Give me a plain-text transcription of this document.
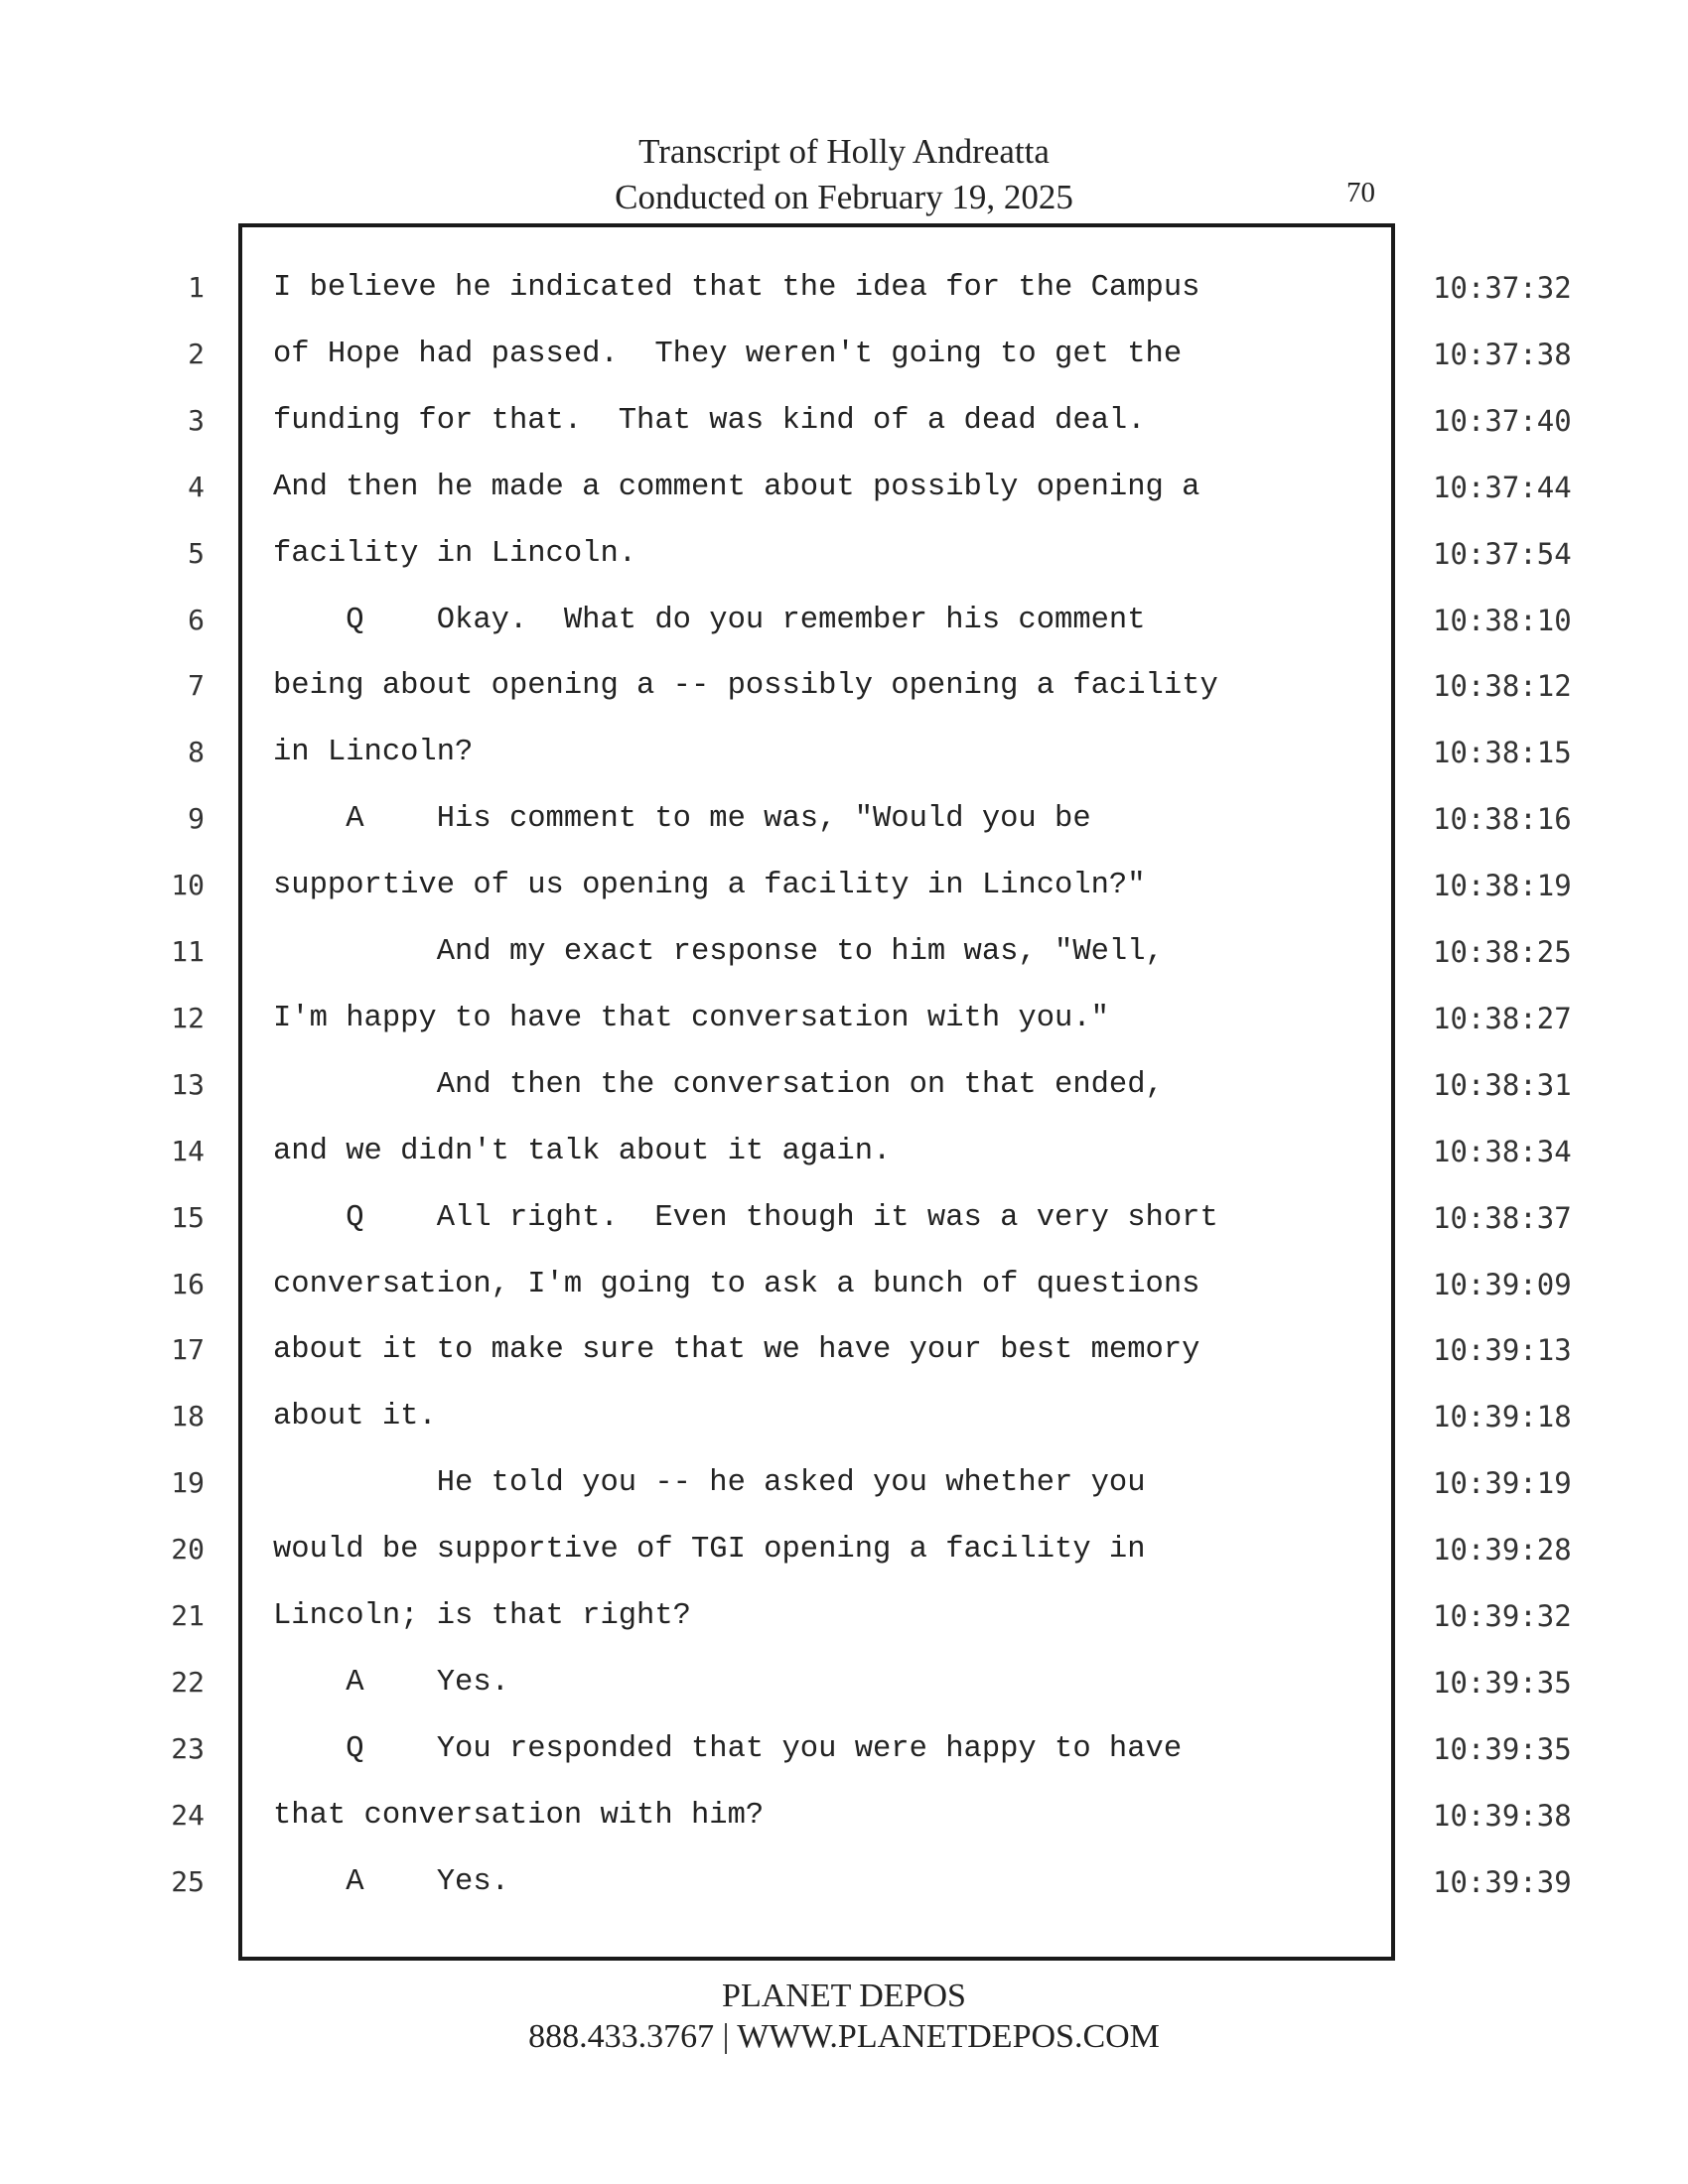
Transcript of Holly Andreatta
Conducted on February 19, 2025	70
1 I believe he indicated that the idea for the Campus	10:37:32
2 of Hope had passed.  They weren't going to get the	10:37:38
3 funding for that.  That was kind of a dead deal.	10:37:40
4 And then he made a comment about possibly opening a	10:37:44
5 facility in Lincoln.	10:37:54
6 Q    Okay.  What do you remember his comment	10:38:10
7 being about opening a -- possibly opening a facility	10:38:12
8 in Lincoln?	10:38:15
9 A    His comment to me was, "Would you be	10:38:16
10 supportive of us opening a facility in Lincoln?"	10:38:19
11 And my exact response to him was, "Well,	10:38:25
12 I'm happy to have that conversation with you."	10:38:27
13 And then the conversation on that ended,	10:38:31
14 and we didn't talk about it again.	10:38:34
15 Q    All right.  Even though it was a very short	10:38:37
16 conversation, I'm going to ask a bunch of questions	10:39:09
17 about it to make sure that we have your best memory	10:39:13
18 about it.	10:39:18
19 He told you -- he asked you whether you	10:39:19
20 would be supportive of TGI opening a facility in	10:39:28
21 Lincoln; is that right?	10:39:32
22 A    Yes.	10:39:35
23 Q    You responded that you were happy to have	10:39:35
24 that conversation with him?	10:39:38
25 A    Yes.	10:39:39
PLANET DEPOS
888.433.3767 | WWW.PLANETDEPOS.COM
